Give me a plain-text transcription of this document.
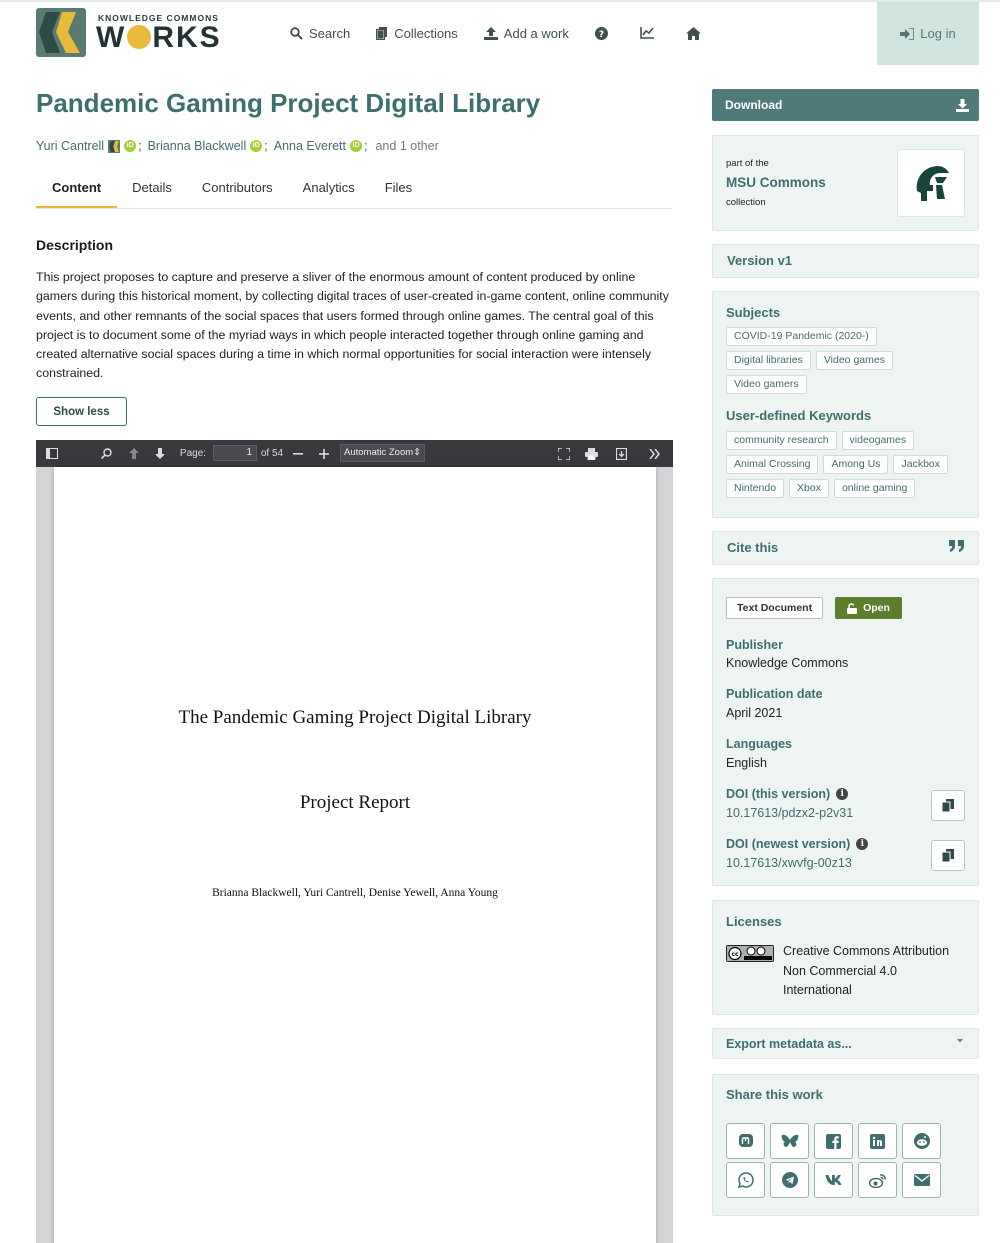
KNOWLEDGE COMMONS
W RKS	Search	Collections	Add a work	?	Log in
Pandemic Gaming Project Digital Library
Yuri Cantrell	iD ; Brianna Blackwell iD ; Anna Everett iD ; and 1 other
Content	Details	Contributors	Analytics	Files
Description

This project proposes to capture and preserve a sliver of the enormous amount of content produced by online gamers during this historical moment, by collecting digital traces of user-created in-game content, online community events, and other remnants of the social spaces that users formed through online games. The central goal of this project is to document some of the myriad ways in which people interacted together through online gaming and created alternative social spaces during a time in which normal opportunities for social interaction were intensely constrained.

Show less
Page:	1 of 54	Automatic Zoom⇕
The Pandemic Gaming Project Digital Library
Project Report
Brianna Blackwell, Yuri Cantrell, Denise Yewell, Anna Young
Download
part of the
MSU Commons
collection
Version v1
Subjects
COVID-19 Pandemic (2020-)
Digital libraries	Video games
Video gamers
User-defined Keywords
community research	videogames
Animal Crossing	Among Us	Jackbox
Nintendo	Xbox	online gaming
Cite this
Text Document	Open
Publisher
Knowledge Commons
Publication date
April 2021
Languages
English
DOI (this version)	i
10.17613/pdzx2-p2v31
DOI (newest version)	i
10.17613/xwvfg-00z13
Licenses
cc	Creative Commons Attribution Non Commercial 4.0 International
Export metadata as...
Share this work
